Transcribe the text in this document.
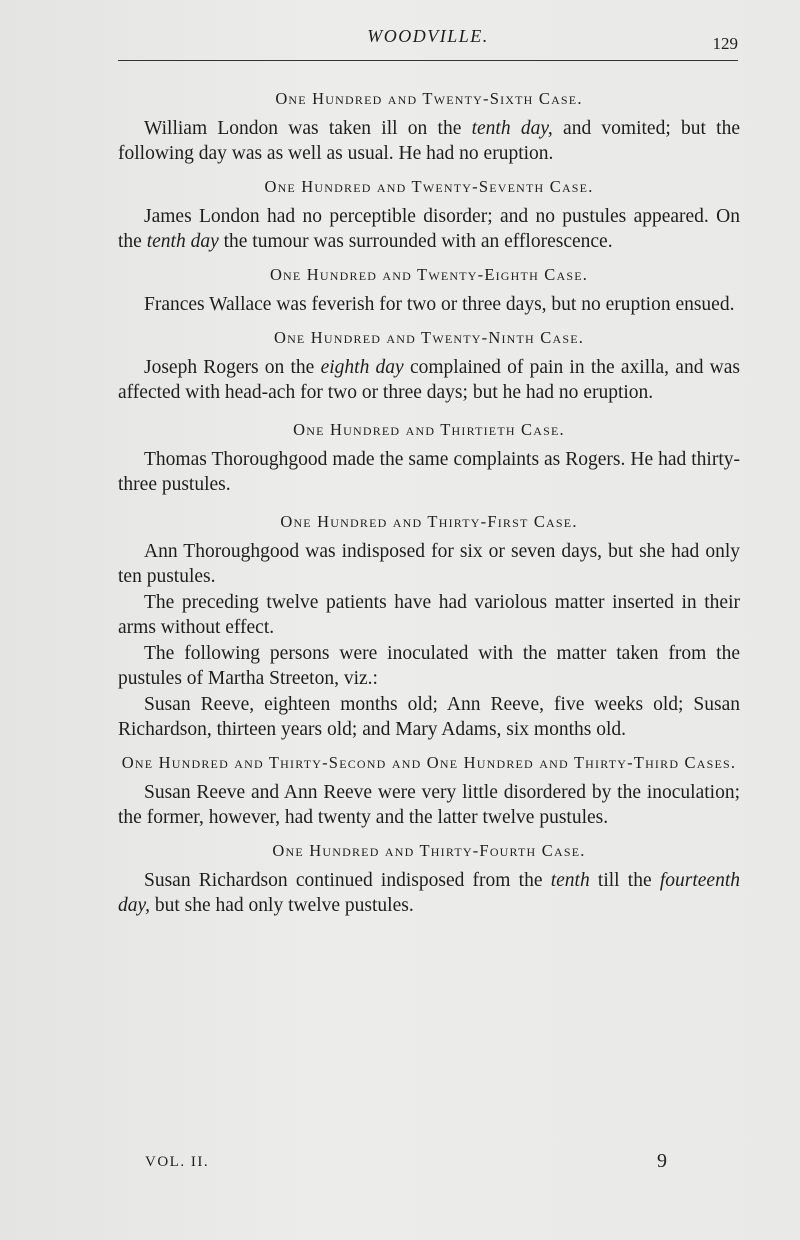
WOODVILLE.	129
One Hundred and Twenty-Sixth Case.

William London was taken ill on the tenth day, and vomited; but the following day was as well as usual. He had no eruption.

One Hundred and Twenty-Seventh Case.

James London had no perceptible disorder; and no pustules appeared. On the tenth day the tumour was surrounded with an efflorescence.

One Hundred and Twenty-Eighth Case.

Frances Wallace was feverish for two or three days, but no eruption ensued.

One Hundred and Twenty-Ninth Case.

Joseph Rogers on the eighth day complained of pain in the axilla, and was affected with head-ach for two or three days; but he had no eruption.

One Hundred and Thirtieth Case.

Thomas Thoroughgood made the same complaints as Rogers. He had thirty-three pustules.

One Hundred and Thirty-First Case.

Ann Thoroughgood was indisposed for six or seven days, but she had only ten pustules.

The preceding twelve patients have had variolous matter inserted in their arms without effect.

The following persons were inoculated with the matter taken from the pustules of Martha Streeton, viz.:

Susan Reeve, eighteen months old; Ann Reeve, five weeks old; Susan Richardson, thirteen years old; and Mary Adams, six months old.

One Hundred and Thirty-Second and One Hundred and Thirty-Third Cases.

Susan Reeve and Ann Reeve were very little disordered by the inoculation; the former, however, had twenty and the latter twelve pustules.

One Hundred and Thirty-Fourth Case.

Susan Richardson continued indisposed from the tenth till the fourteenth day, but she had only twelve pustules.

VOL. II.	9
